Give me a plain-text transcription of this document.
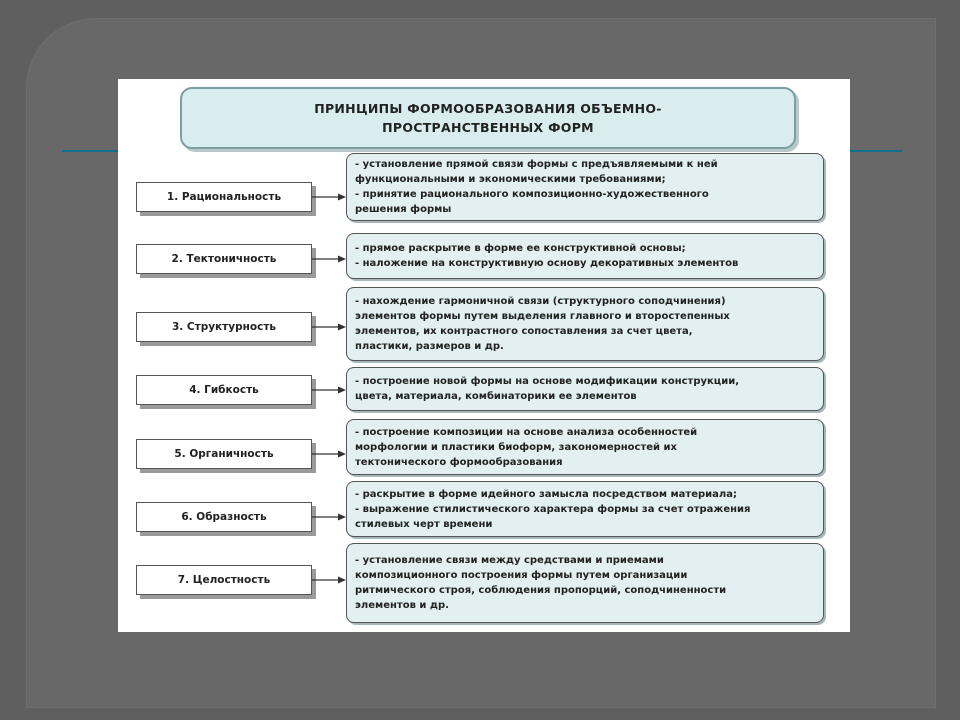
ПРИНЦИПЫ ФОРМООБРАЗОВАНИЯ ОБЪЕМНО-
ПРОСТРАНСТВЕННЫХ ФОРМ
1. Рациональность
- установление прямой связи формы с предъявляемыми к ней
функциональными и экономическими требованиями;
- принятие рационального композиционно-художественного
решения формы
2. Тектоничность
- прямое раскрытие в форме ее конструктивной основы;
- наложение на конструктивную основу декоративных элементов
3. Структурность
- нахождение гармоничной связи (структурного соподчинения)
элементов формы путем выделения главного и второстепенных
элементов, их контрастного сопоставления за счет цвета,
пластики, размеров и др.
4. Гибкость
- построение новой формы на основе модификации конструкции,
цвета, материала, комбинаторики ее элементов
5. Органичность
- построение композиции на основе анализа особенностей
морфологии и пластики биоформ, закономерностей их
тектонического формообразования
6. Образность
- раскрытие в форме идейного замысла посредством материала;
- выражение стилистического характера формы за счет отражения
стилевых черт времени
7. Целостность
- установление связи между средствами и приемами
композиционного построения формы путем организации
ритмического строя, соблюдения пропорций, соподчиненности
элементов и др.
